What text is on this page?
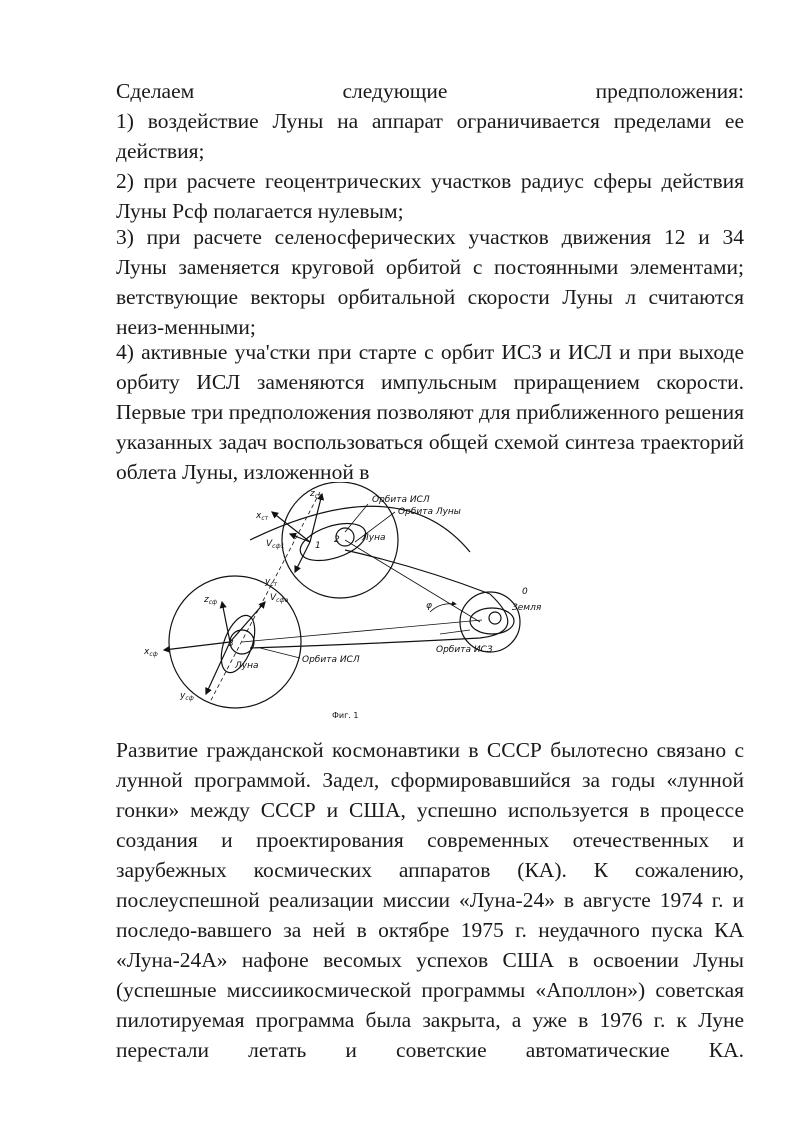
Сделаем следующие предположения:
1) воздействие Луны на аппарат ограничивается пределами ее
действия;
2) при расчете геоцентрических участков радиус сферы действия
Луны Рсф полагается нулевым;
3) при расчете селеносферических участков движения 12 и 34
Луны заменяется круговой орбитой с постоянными элементами;
ветствующие векторы орбитальной скорости Луны л считаются
неиз-менными;
4) активные уча'стки при старте с орбит ИСЗ и ИСЛ и при выходе
орбиту ИСЛ заменяются импульсным приращением скорости.
Первые три предположения позволяют для приближенного решения
указанных задач воспользоваться общей схемой синтеза траекторий
облета Луны, изложенной в
Орбита ИСЛ
Орбита Луны
Луна
Земля
Орбита ИСЗ
Луна
Орбита ИСЛ
φ
0
1
2
3
$z_{ст}$
$x_{ст}$
$y_{ст}$
$V_{сф1}$
$z_{сф}$
$x_{сф}$
$y_{сф}$
$V_{сфо}$
Фиг. 1
Развитие гражданской космонавтики в СССР былотесно связано с
лунной программой. Задел, сформировавшийся за годы «лунной
гонки» между СССР и США, успешно используется в процессе
создания и проектирования современных отечественных и
зарубежных космических аппаратов (КА). К сожалению,
послеуспешной реализации миссии «Луна-24» в августе 1974 г. и
последо-вавшего за ней в октябре 1975 г. неудачного пуска КА
«Луна-24А» нафоне весомых успехов США в освоении Луны
(успешные миссиикосмической программы «Аполлон») советская
пилотируемая программа была закрыта, а уже в 1976 г. к Луне
перестали летать и советские автоматические КА.
